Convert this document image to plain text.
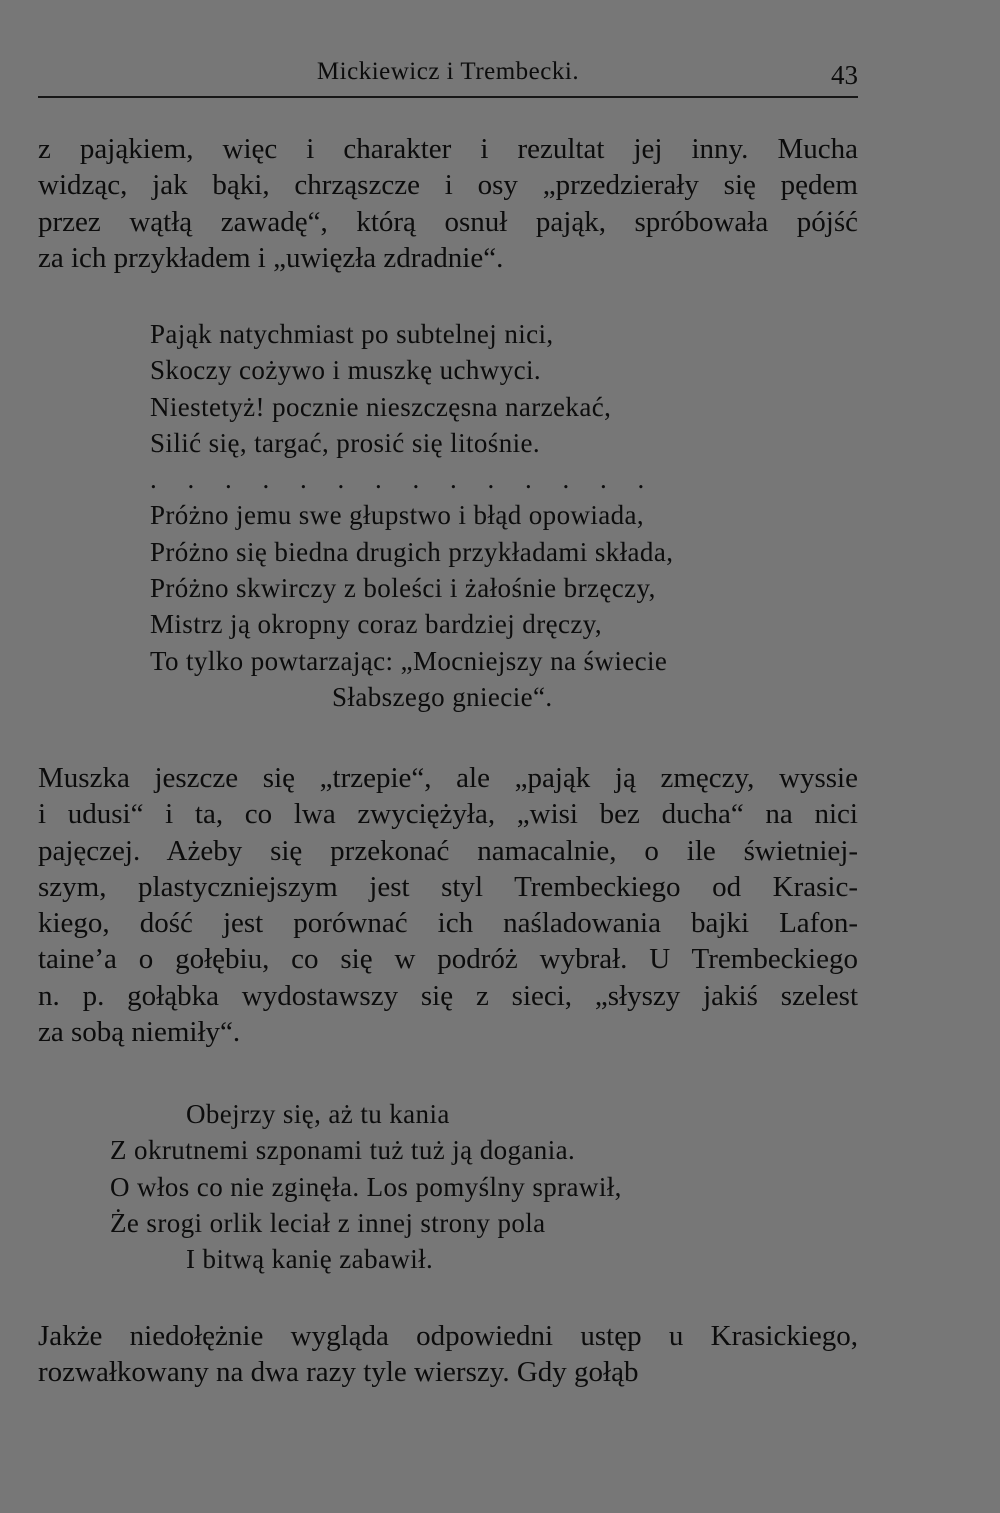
Mickiewicz i Trembecki.	43
z pająkiem, więc i charakter i rezultat jej inny. Mucha
widząc, jak bąki, chrząszcze i osy „przedzierały się pędem
przez wątłą zawadę“, którą osnuł pająk, spróbowała pójść
za ich przykładem i „uwięzła zdradnie“.
Pająk natychmiast po subtelnej nici,
Skoczy cożywo i muszkę uchwyci.
Niestetyż! pocznie nieszczęsna narzekać,
Silić się, targać, prosić się litośnie.
. . . . . . . . . . . . . .
Próżno jemu swe głupstwo i błąd opowiada,
Próżno się biedna drugich przykładami składa,
Próżno skwirczy z boleści i żałośnie brzęczy,
Mistrz ją okropny coraz bardziej dręczy,
To tylko powtarzając: „Mocniejszy na świecie
Słabszego gniecie“.
Muszka jeszcze się „trzepie“, ale „pająk ją zmęczy, wyssie
i udusi“ i ta, co lwa zwyciężyła, „wisi bez ducha“ na nici
pajęczej. Ażeby się przekonać namacalnie, o ile świetniej-
szym, plastyczniejszym jest styl Trembeckiego od Krasic-
kiego, dość jest porównać ich naśladowania bajki Lafon-
taine’a o gołębiu, co się w podróż wybrał. U Trembeckiego
n. p. gołąbka wydostawszy się z sieci, „słyszy jakiś szelest
za sobą niemiły“.
Obejrzy się, aż tu kania
Z okrutnemi szponami tuż tuż ją dogania.
O włos co nie zginęła. Los pomyślny sprawił,
Że srogi orlik leciał z innej strony pola
I bitwą kanię zabawił.
Jakże niedołężnie wygląda odpowiedni ustęp u Krasickiego,
rozwałkowany na dwa razy tyle wierszy. Gdy gołąb
